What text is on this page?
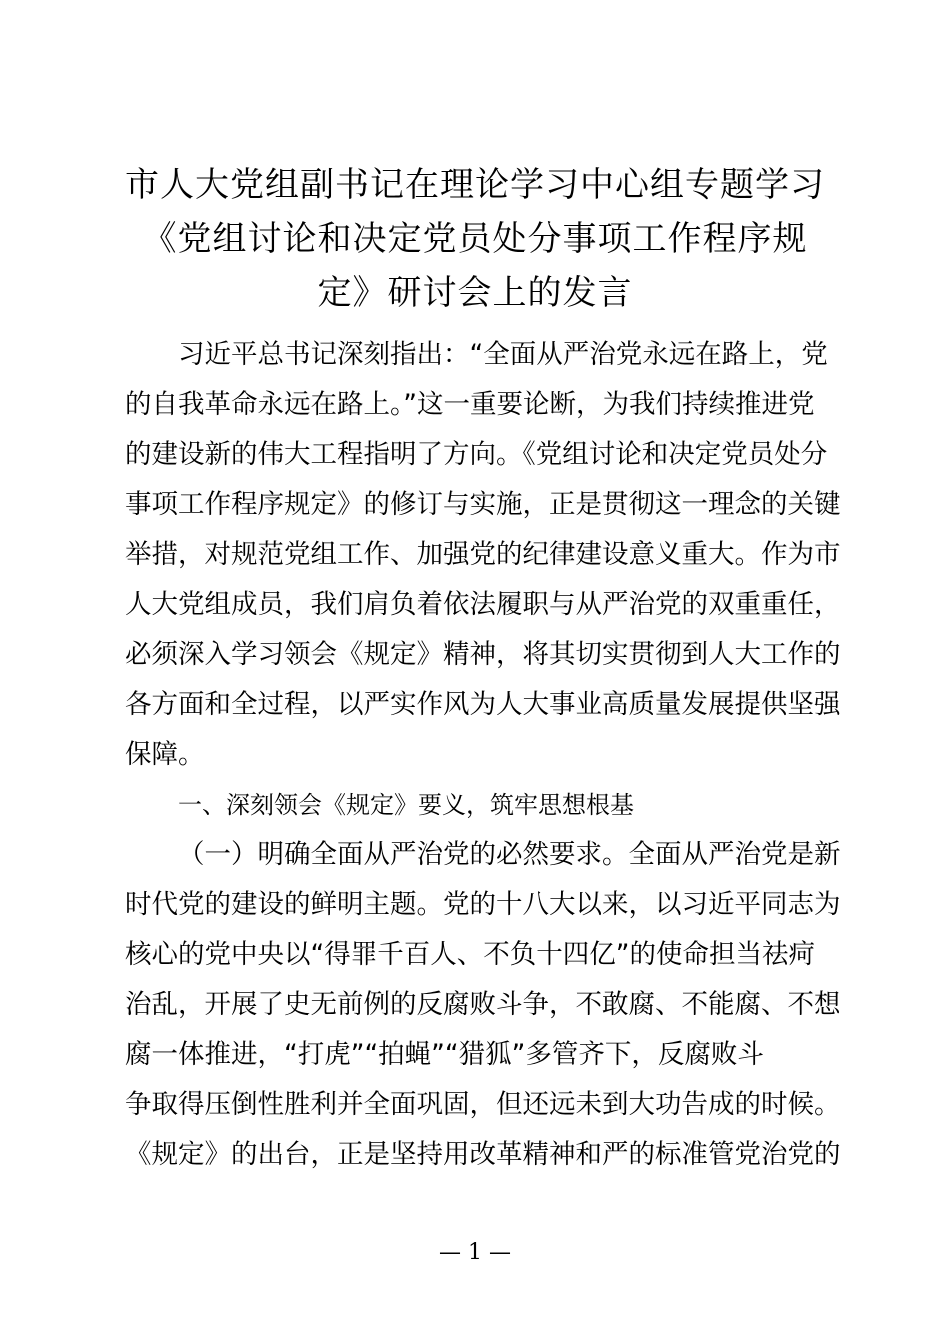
市人大党组副书记在理论学习中心组专题学习
《党组讨论和决定党员处分事项工作程序规
定》研讨会上的发言
习近平总书记深刻指出：“全面从严治党永远在路上，党
的自我革命永远在路上。”这一重要论断，为我们持续推进党
的建设新的伟大工程指明了方向。《党组讨论和决定党员处分
事项工作程序规定》的修订与实施，正是贯彻这一理念的关键
举措，对规范党组工作、加强党的纪律建设意义重大。作为市
人大党组成员，我们肩负着依法履职与从严治党的双重重任，
必须深入学习领会《规定》精神，将其切实贯彻到人大工作的
各方面和全过程，以严实作风为人大事业高质量发展提供坚强
保障。
一、深刻领会《规定》要义，筑牢思想根基
（一）明确全面从严治党的必然要求。全面从严治党是新
时代党的建设的鲜明主题。党的十八大以来，以习近平同志为
核心的党中央以“得罪千百人、不负十四亿”的使命担当祛疴
治乱，开展了史无前例的反腐败斗争，不敢腐、不能腐、不想
腐一体推进，“打虎”“拍蝇”“猎狐”多管齐下，反腐败斗
争取得压倒性胜利并全面巩固，但还远未到大功告成的时候。
《规定》的出台，正是坚持用改革精神和严的标准管党治党的
— 1 —
